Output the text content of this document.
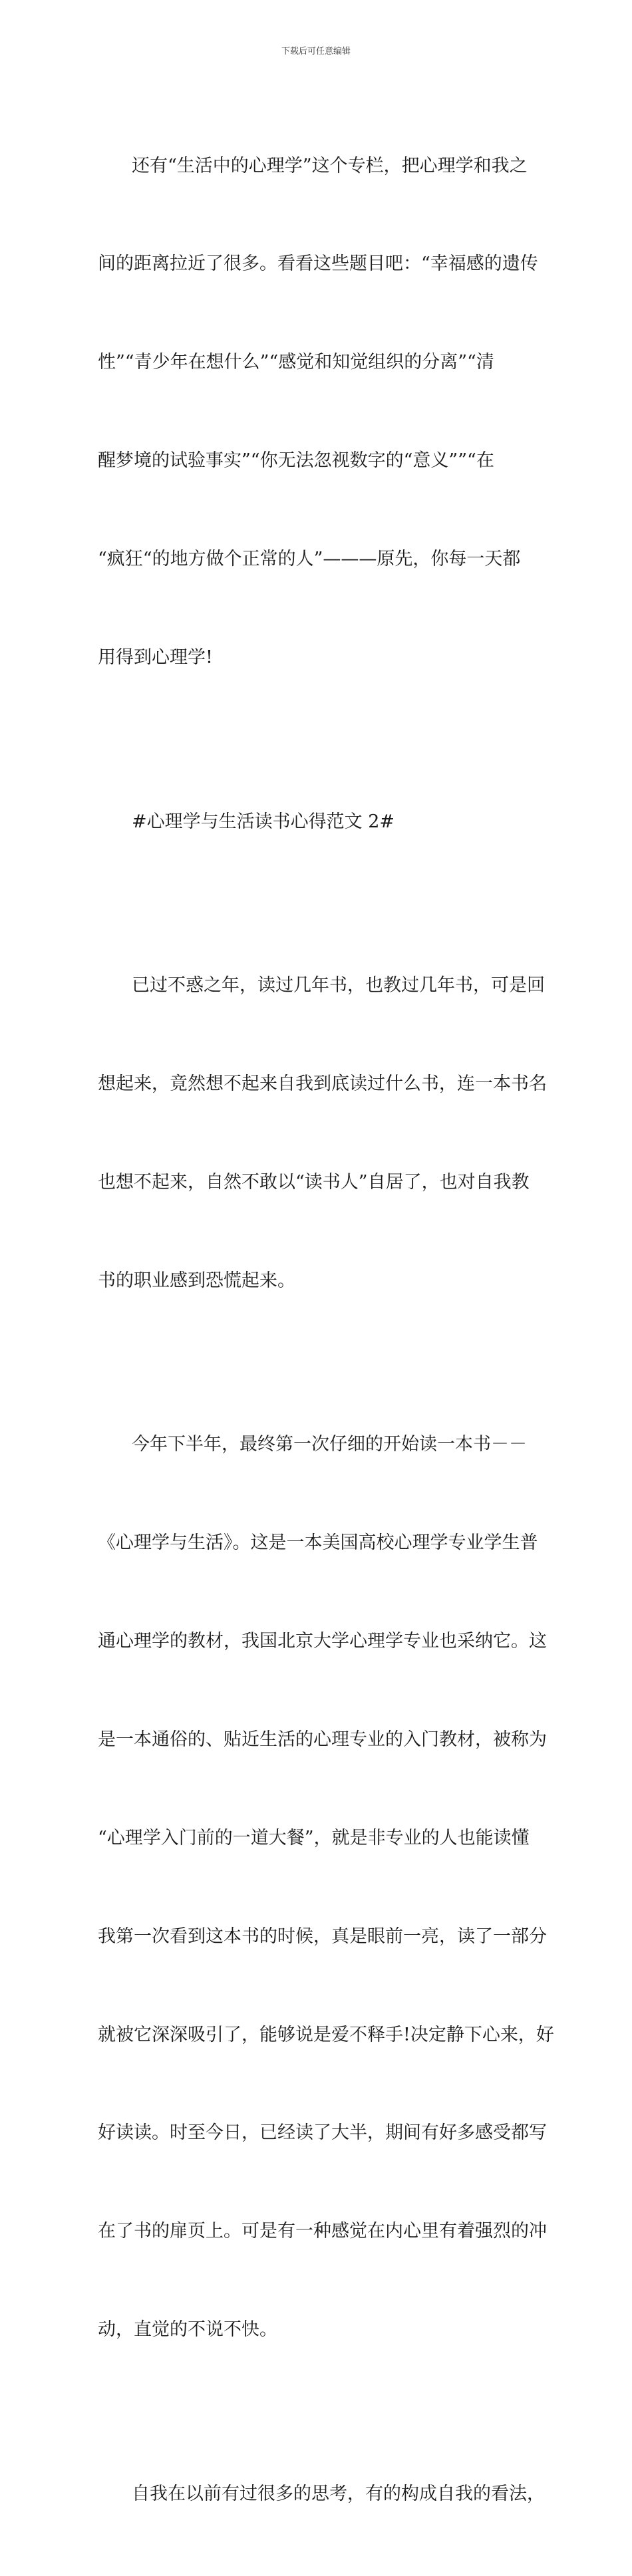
下载后可任意编辑

还有“生活中的心理学”这个专栏，把心理学和我之

间的距离拉近了很多。看看这些题目吧：“幸福感的遗传

性”“青少年在想什么”“感觉和知觉组织的分离”“清

醒梦境的试验事实”“你无法忽视数字的“意义””“在

“疯狂“的地方做个正常的人”———原先，你每一天都

用得到心理学!

#心理学与生活读书心得范文 2#

已过不惑之年，读过几年书，也教过几年书，可是回

想起来，竟然想不起来自我到底读过什么书，连一本书名

也想不起来，自然不敢以“读书人”自居了，也对自我教

书的职业感到恐慌起来。

今年下半年，最终第一次仔细的开始读一本书－－

《心理学与生活》。这是一本美国高校心理学专业学生普

通心理学的教材，我国北京大学心理学专业也采纳它。这

是一本通俗的、贴近生活的心理专业的入门教材，被称为

“心理学入门前的一道大餐”，就是非专业的人也能读懂

我第一次看到这本书的时候，真是眼前一亮，读了一部分

就被它深深吸引了，能够说是爱不释手!决定静下心来，好

好读读。时至今日，已经读了大半，期间有好多感受都写

在了书的扉页上。可是有一种感觉在内心里有着强烈的冲

动，直觉的不说不快。

自我在以前有过很多的思考，有的构成自我的看法，
